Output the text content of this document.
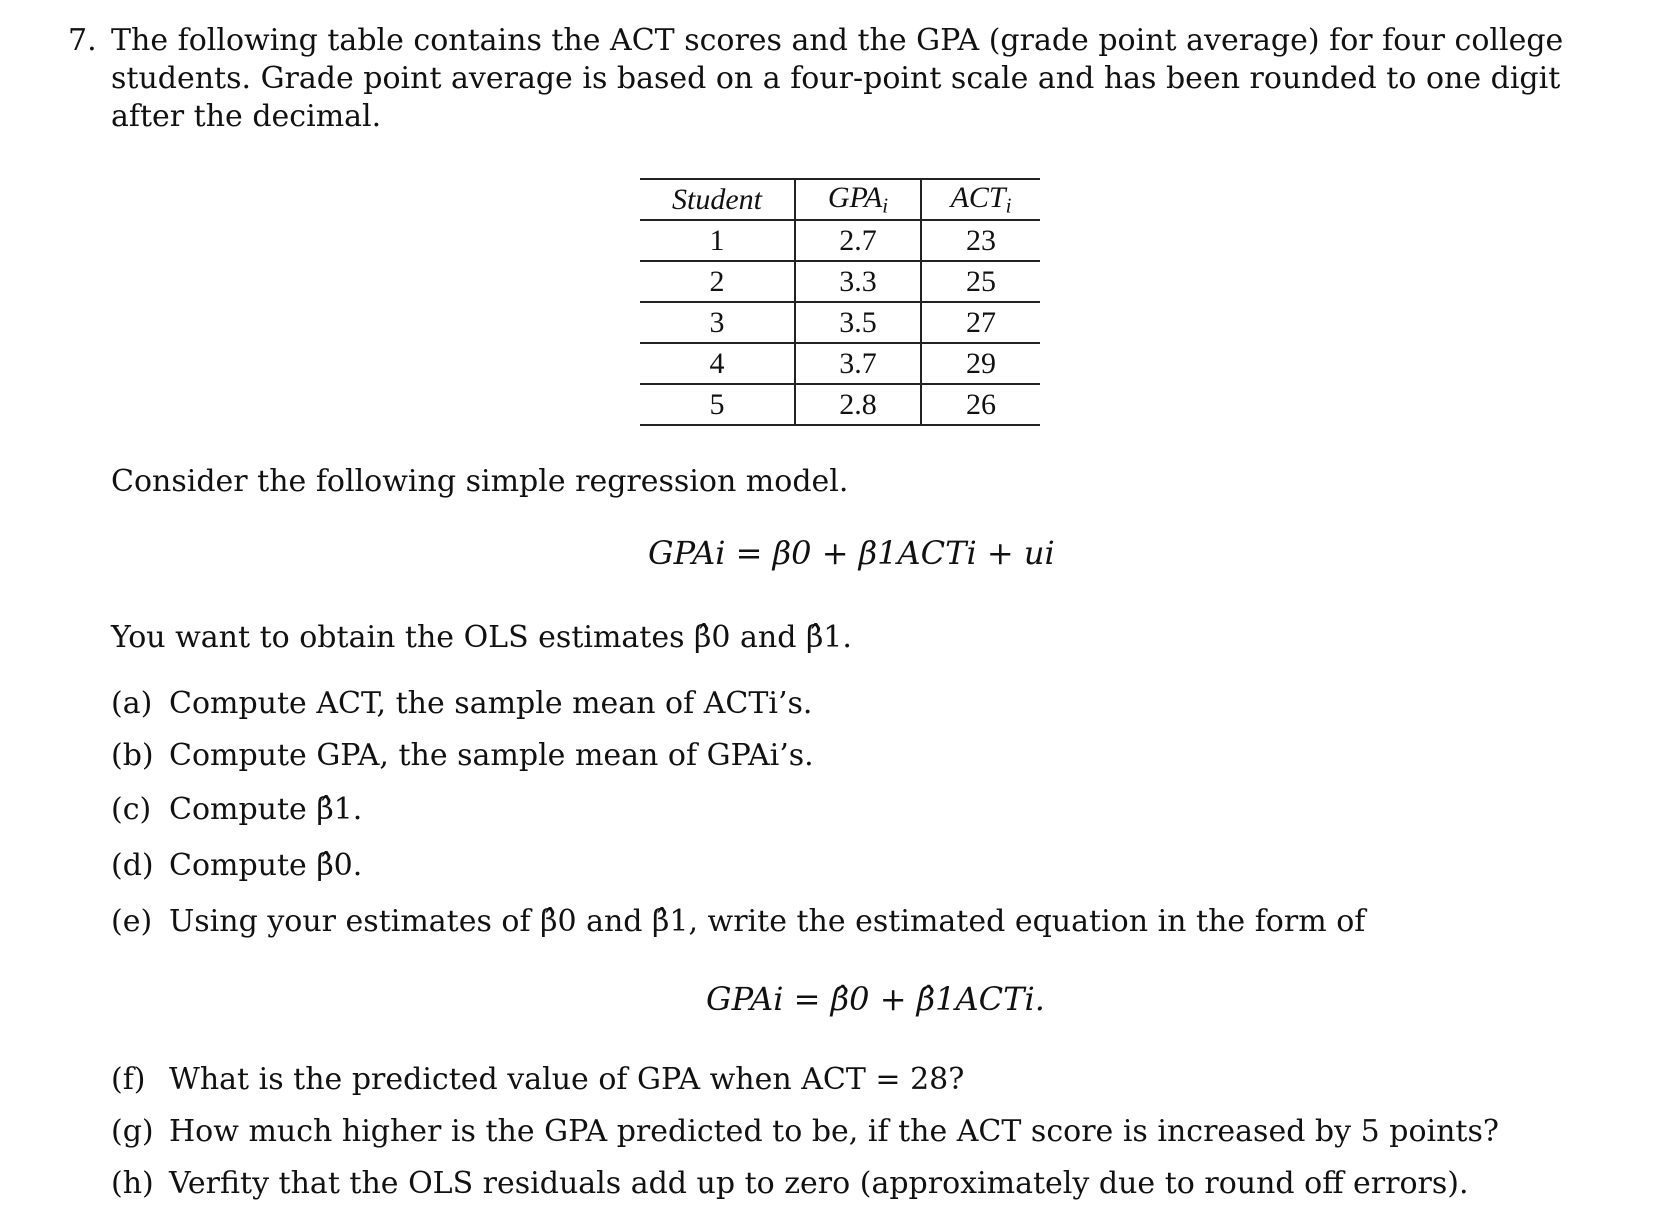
7. The following table contains the ACT scores and the GPA (grade point average) for four college students. Grade point average is based on a four-point scale and has been rounded to one digit after the decimal.
Student	$GPA_i$	$ACT_i$
1	2.7	23
2	3.3	25
3	3.5	27
4	3.7	29
5	2.8	26
Consider the following simple regression model.
GPAi = β0 + β1ACTi + ui
You want to obtain the OLS estimates β̂0 and β̂1.
(a) Compute ACT, the sample mean of ACTi’s.
(b) Compute GPA, the sample mean of GPAi’s.
(c) Compute β̂1.
(d) Compute β̂0.
(e) Using your estimates of β̂0 and β̂1, write the estimated equation in the form of
GPAi = β̂0 + β̂1ACTi.
(f) What is the predicted value of GPA when ACT = 28?
(g) How much higher is the GPA predicted to be, if the ACT score is increased by 5 points?
(h) Verfity that the OLS residuals add up to zero (approximately due to round off errors).
